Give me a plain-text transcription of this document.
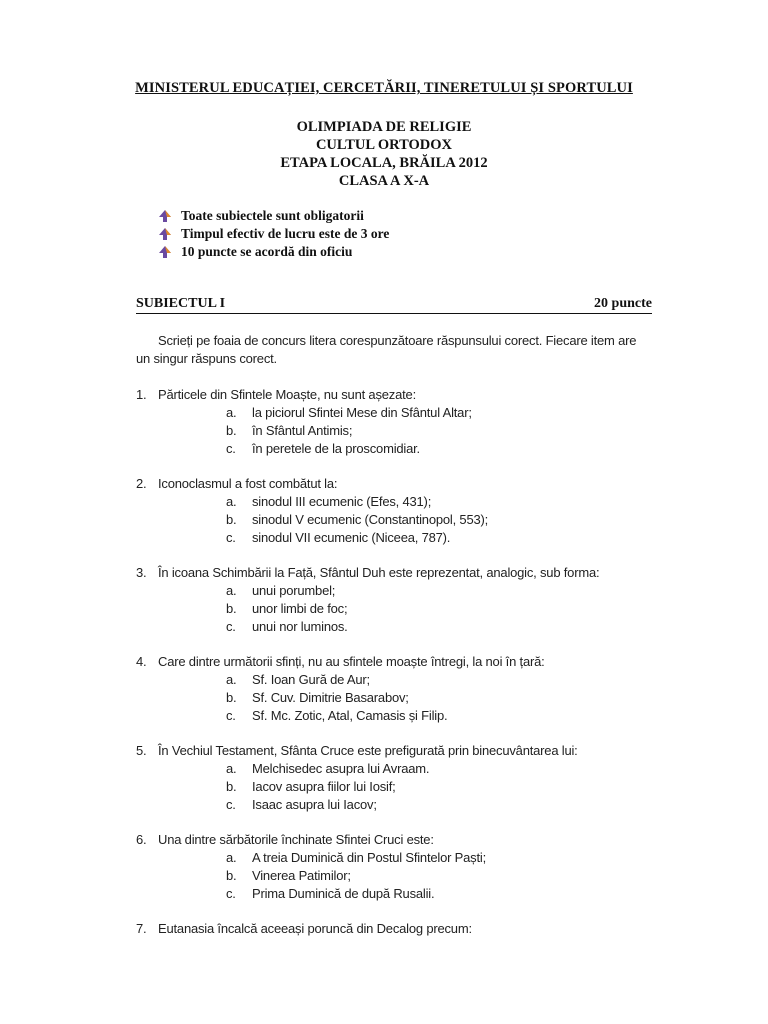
MINISTERUL EDUCAȚIEI, CERCETĂRII, TINERETULUI ȘI SPORTULUI
OLIMPIADA DE RELIGIE
CULTUL ORTODOX
ETAPA LOCALA, BRĂILA 2012
CLASA A X-A
Toate subiectele sunt obligatorii
Timpul efectiv de lucru este de 3 ore
10 puncte se acordă din oficiu
SUBIECTUL I	20 puncte
Scrieți pe foaia de concurs litera corespunzătoare răspunsului corect. Fiecare item are un singur răspuns corect.
1. Părticele din Sfintele Moaște, nu sunt așezate:
a.	la piciorul Sfintei Mese din Sfântul Altar;
b.	în Sfântul Antimis;
c.	în peretele de la proscomidiar.
2. Iconoclasmul a fost combătut la:
a.	sinodul III ecumenic (Efes, 431);
b.	sinodul V ecumenic (Constantinopol, 553);
c.	sinodul VII ecumenic (Niceea, 787).
3. În icoana Schimbării la Față, Sfântul Duh este reprezentat, analogic, sub forma:
a.	unui porumbel;
b.	unor limbi de foc;
c.	unui nor luminos.
4. Care dintre următorii sfinți, nu au sfintele moaște întregi, la noi în țară:
a.	Sf. Ioan Gură de Aur;
b.	Sf. Cuv. Dimitrie Basarabov;
c.	Sf. Mc. Zotic, Atal, Camasis și Filip.
5. În Vechiul Testament, Sfânta Cruce este prefigurată prin binecuvântarea lui:
a.	Melchisedec asupra lui Avraam.
b.	Iacov asupra fiilor lui Iosif;
c.	Isaac asupra lui Iacov;
6. Una dintre sărbătorile închinate Sfintei Cruci este:
a.	A treia Duminică din Postul Sfintelor Paști;
b.	Vinerea Patimilor;
c.	Prima Duminică de după Rusalii.
7. Eutanasia încalcă aceeași poruncă din Decalog precum:
